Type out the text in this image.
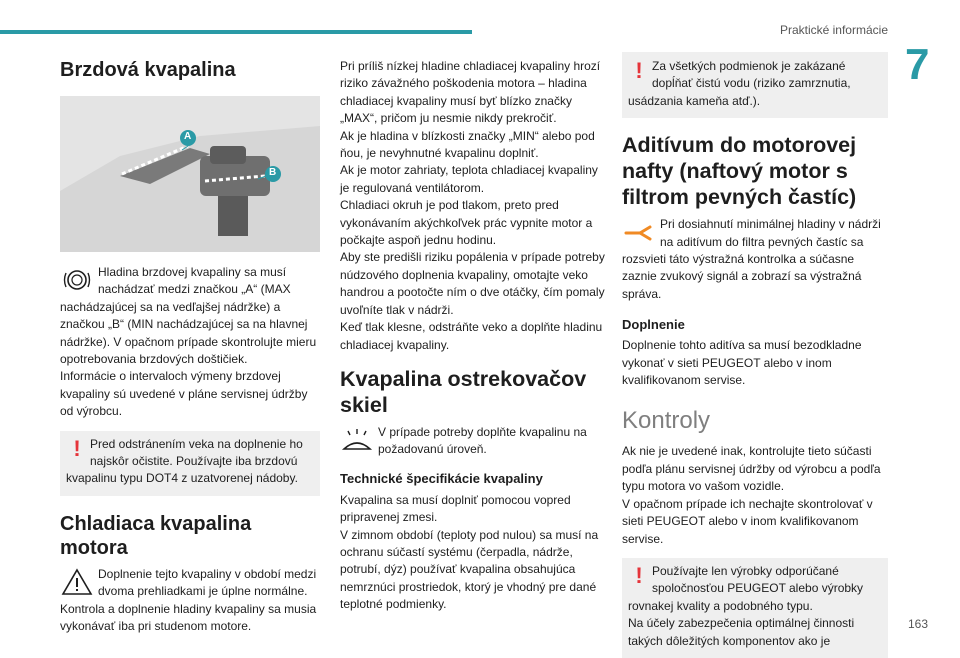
Praktické informácie
7
Brzdová kvapalina
A
B

Hladina brzdovej kvapaliny sa musí nachádzať medzi značkou „A“ (MAX nachádzajúcej sa na vedľajšej nádržke) a značkou „B“ (MIN nachádzajúcej sa na hlavnej nádržke). V opačnom prípade skontrolujte mieru opotrebovania brzdových doštičiek.
Informácie o intervaloch výmeny brzdovej kvapaliny sú uvedené v pláne servisnej údržby od výrobcu.

! Pred odstránením veka na doplnenie ho najskôr očistite. Používajte iba brzdovú kvapalinu typu DOT4 z uzatvorenej nádoby.

Chladiaca kvapalina motora

Doplnenie tejto kvapaliny v období medzi dvoma prehliadkami je úplne normálne. Kontrola a doplnenie hladiny kvapaliny sa musia vykonávať iba pri studenom motore.

Pri príliš nízkej hladine chladiacej kvapaliny hrozí riziko závažného poškodenia motora – hladina chladiacej kvapaliny musí byť blízko značky „MAX“, pričom ju nesmie nikdy prekročiť.
Ak je hladina v blízkosti značky „MIN“ alebo pod ňou, je nevyhnutné kvapalinu doplniť.
Ak je motor zahriaty, teplota chladiacej kvapaliny je regulovaná ventilátorom.
Chladiaci okruh je pod tlakom, preto pred vykonávaním akýchkoľvek prác vypnite motor a počkajte aspoň jednu hodinu.
Aby ste predišli riziku popálenia v prípade potreby núdzového doplnenia kvapaliny, omotajte veko handrou a pootočte ním o dve otáčky, čím pomaly uvoľníte tlak v nádrži.
Keď tlak klesne, odstráňte veko a doplňte hladinu chladiacej kvapaliny.

Kvapalina ostrekovačov skiel

V prípade potreby doplňte kvapalinu na požadovanú úroveň.

Technické špecifikácie kvapaliny

Kvapalina sa musí doplniť pomocou vopred pripravenej zmesi.
V zimnom období (teploty pod nulou) sa musí na ochranu súčastí systému (čerpadla, nádrže, potrubí, dýz) používať kvapalina obsahujúca nemrznúci prostriedok, ktorý je vhodný pre dané teplotné podmienky.

! Za všetkých podmienok je zakázané dopĺňať čistú vodu (riziko zamrznutia, usádzania kameňa atď.).

Aditívum do motorovej nafty (naftový motor s filtrom pevných častíc)

Pri dosiahnutí minimálnej hladiny v nádrži na aditívum do filtra pevných častíc sa rozsvieti táto výstražná kontrolka a súčasne zaznie zvukový signál a zobrazí sa výstražná správa.

Doplnenie

Doplnenie tohto aditíva sa musí bezodkladne vykonať v sieti PEUGEOT alebo v inom kvalifikovanom servise.

Kontroly

Ak nie je uvedené inak, kontrolujte tieto súčasti podľa plánu servisnej údržby od výrobcu a podľa typu motora vo vašom vozidle.
V opačnom prípade ich nechajte skontrolovať v sieti PEUGEOT alebo v inom kvalifikovanom servise.

! Používajte len výrobky odporúčané spoločnosťou PEUGEOT alebo výrobky rovnakej kvality a podobného typu.
Na účely zabezpečenia optimálnej činnosti takých dôležitých komponentov ako je

163
